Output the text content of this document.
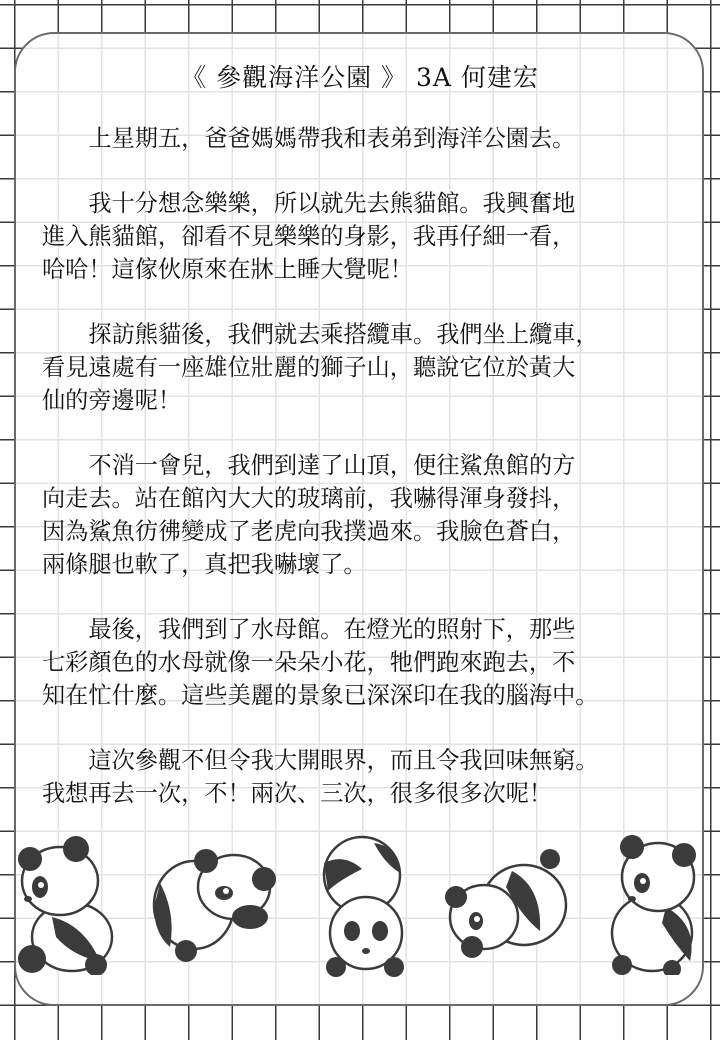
《 參觀海洋公園 》 3A 何建宏

上星期五，爸爸媽媽帶我和表弟到海洋公園去。

我十分想念樂樂，所以就先去熊貓館。我興奮地
進入熊貓館，卻看不見樂樂的身影，我再仔細一看，
哈哈！這傢伙原來在牀上睡大覺呢！

探訪熊貓後，我們就去乘搭纜車。我們坐上纜車，
看見遠處有一座雄位壯麗的獅子山，聽說它位於黃大
仙的旁邊呢！

不消一會兒，我們到達了山頂，便往鯊魚館的方
向走去。站在館內大大的玻璃前，我嚇得渾身發抖，
因為鯊魚彷彿變成了老虎向我撲過來。我臉色蒼白，
兩條腿也軟了，真把我嚇壞了。

最後，我們到了水母館。在燈光的照射下，那些
七彩顏色的水母就像一朵朵小花，牠們跑來跑去，不
知在忙什麼。這些美麗的景象已深深印在我的腦海中。

這次參觀不但令我大開眼界，而且令我回味無窮。
我想再去一次，不！兩次、三次，很多很多次呢！
